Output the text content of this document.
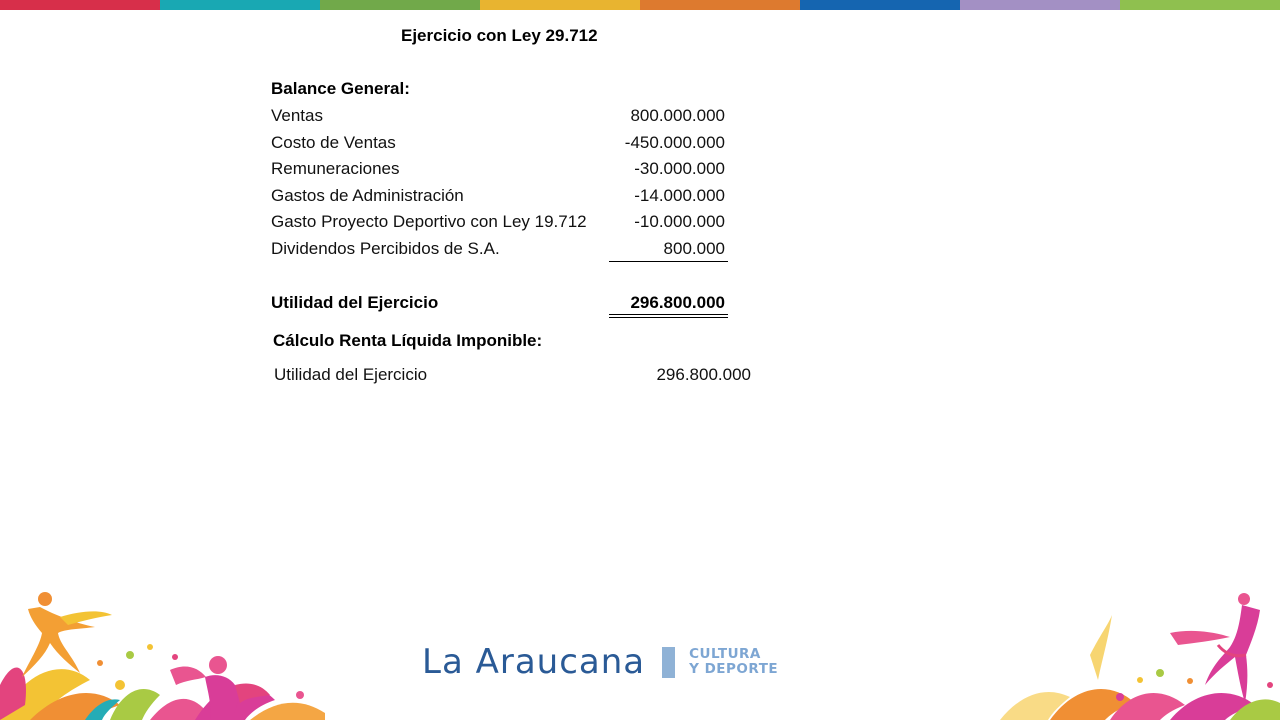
Ejercicio con Ley 29.712
Balance General:
Ventas	800.000.000
Costo de Ventas	-450.000.000
Remuneraciones	-30.000.000
Gastos de Administración	-14.000.000
Gasto Proyecto Deportivo con Ley 19.712	-10.000.000
Dividendos Percibidos de S.A.	800.000
Utilidad del Ejercicio	296.800.000
Cálculo Renta Líquida Imponible:
Utilidad del Ejercicio	296.800.000
La Araucana	CULTURA
Y DEPORTE
